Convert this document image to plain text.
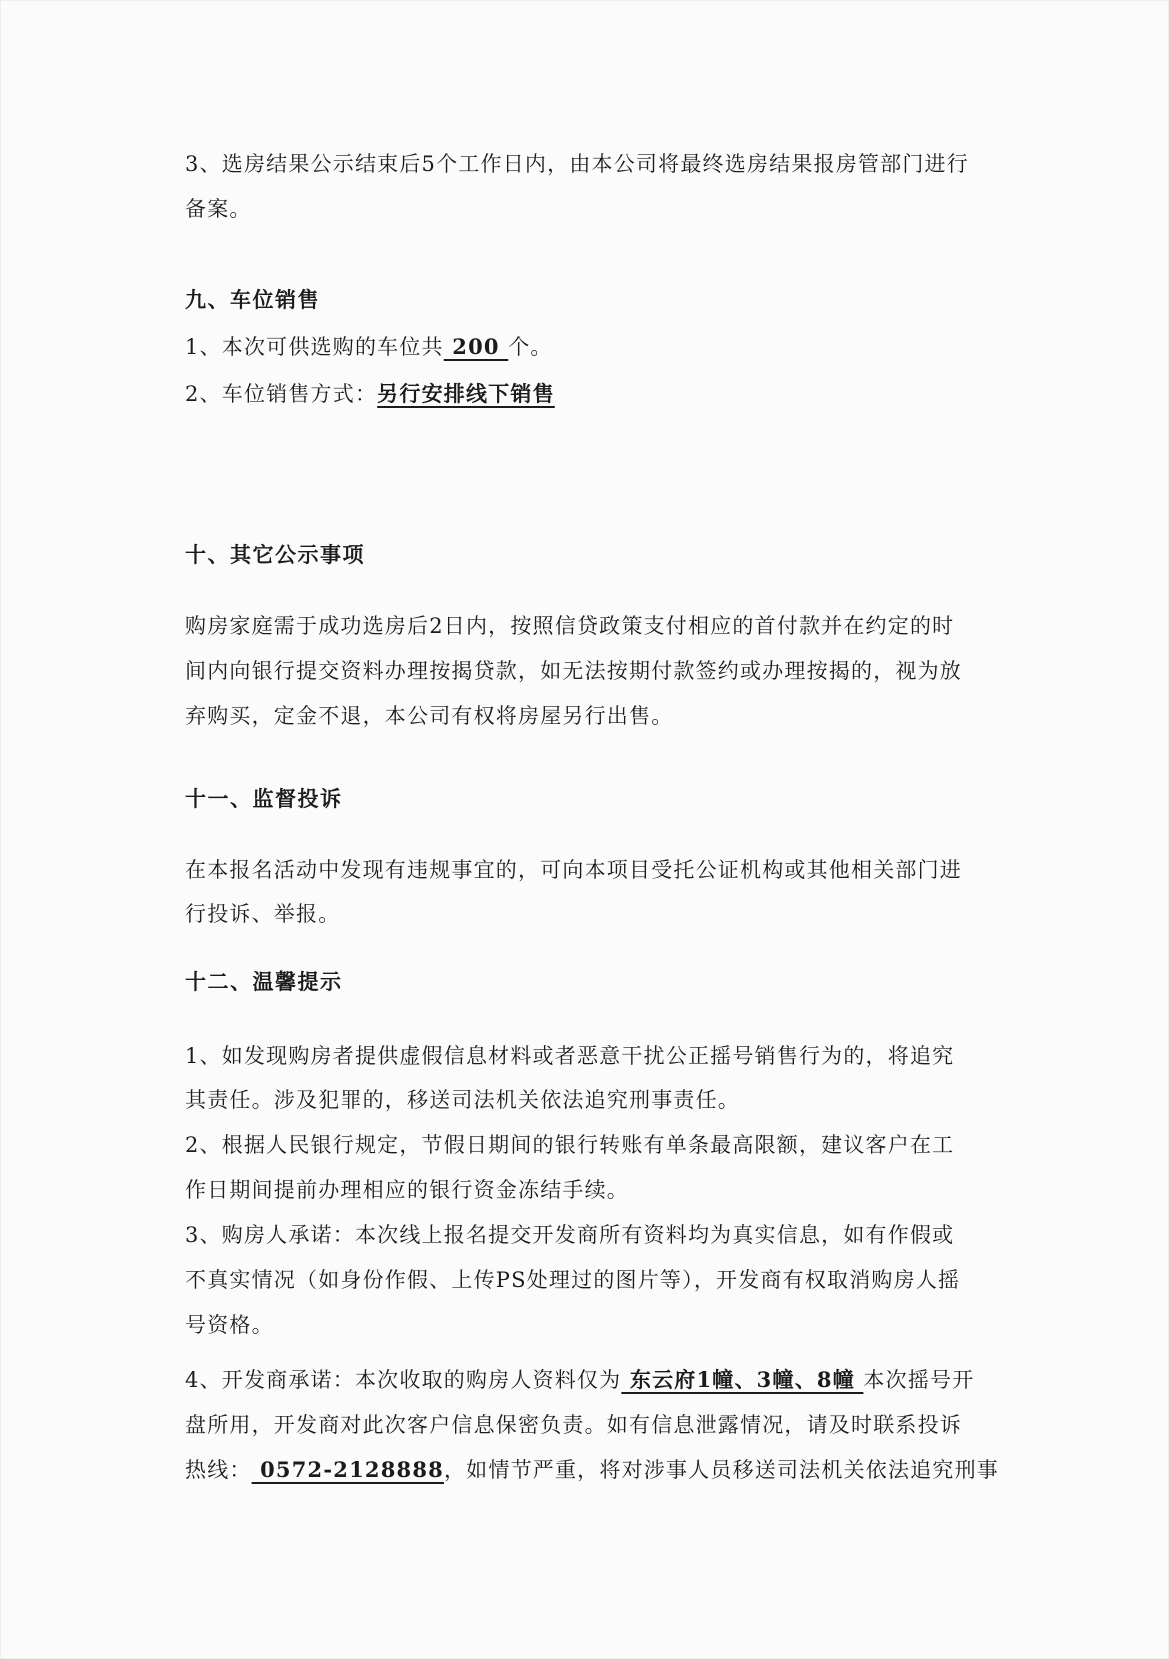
3、选房结果公示结束后5个工作日内，由本公司将最终选房结果报房管部门进行
备案。
九、车位销售
1、本次可供选购的车位共 200 个。
2、车位销售方式：另行安排线下销售
十、其它公示事项
购房家庭需于成功选房后2日内，按照信贷政策支付相应的首付款并在约定的时
间内向银行提交资料办理按揭贷款，如无法按期付款签约或办理按揭的，视为放
弃购买，定金不退，本公司有权将房屋另行出售。
十一、监督投诉
在本报名活动中发现有违规事宜的，可向本项目受托公证机构或其他相关部门进
行投诉、举报。
十二、温馨提示
1、如发现购房者提供虚假信息材料或者恶意干扰公正摇号销售行为的，将追究
其责任。涉及犯罪的，移送司法机关依法追究刑事责任。
2、根据人民银行规定，节假日期间的银行转账有单条最高限额，建议客户在工
作日期间提前办理相应的银行资金冻结手续。
3、购房人承诺：本次线上报名提交开发商所有资料均为真实信息，如有作假或
不真实情况（如身份作假、上传PS处理过的图片等），开发商有权取消购房人摇
号资格。
4、开发商承诺：本次收取的购房人资料仅为 东云府1幢、3幢、8幢 本次摇号开
盘所用，开发商对此次客户信息保密负责。如有信息泄露情况，请及时联系投诉
热线： 0572-2128888，如情节严重，将对涉事人员移送司法机关依法追究刑事
